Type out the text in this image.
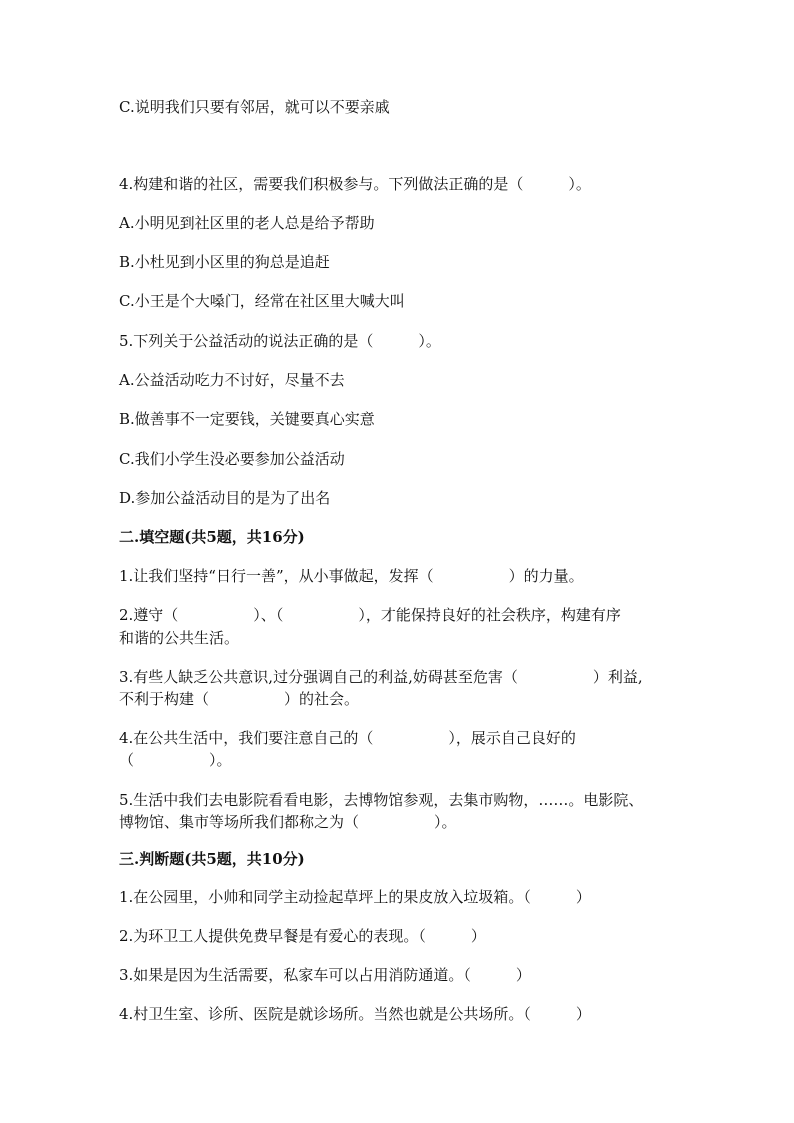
C.说明我们只要有邻居，就可以不要亲戚

4.构建和谐的社区，需要我们积极参与。下列做法正确的是（　　　）。

A.小明见到社区里的老人总是给予帮助

B.小杜见到小区里的狗总是追赶

C.小王是个大嗓门，经常在社区里大喊大叫

5.下列关于公益活动的说法正确的是（　　　）。

A.公益活动吃力不讨好，尽量不去

B.做善事不一定要钱，关键要真心实意

C.我们小学生没必要参加公益活动

D.参加公益活动目的是为了出名

二.填空题(共5题，共16分)

1.让我们坚持“日行一善”，从小事做起，发挥（　　　　　）的力量。

2.遵守（　　　　　）、（　　　　　），才能保持良好的社会秩序，构建有序

和谐的公共生活。

3.有些人缺乏公共意识,过分强调自己的利益,妨碍甚至危害（　　　　　）利益,

不利于构建（　　　　　）的社会。

4.在公共生活中，我们要注意自己的（　　　　　），展示自己良好的

（　　　　　）。

5.生活中我们去电影院看看电影，去博物馆参观，去集市购物，……。电影院、

博物馆、集市等场所我们都称之为（　　　　　）。

三.判断题(共5题，共10分)

1.在公园里，小帅和同学主动捡起草坪上的果皮放入垃圾箱。（　　　）

2.为环卫工人提供免费早餐是有爱心的表现。（　　　）

3.如果是因为生活需要，私家车可以占用消防通道。（　　　）

4.村卫生室、诊所、医院是就诊场所。当然也就是公共场所。（　　　）
